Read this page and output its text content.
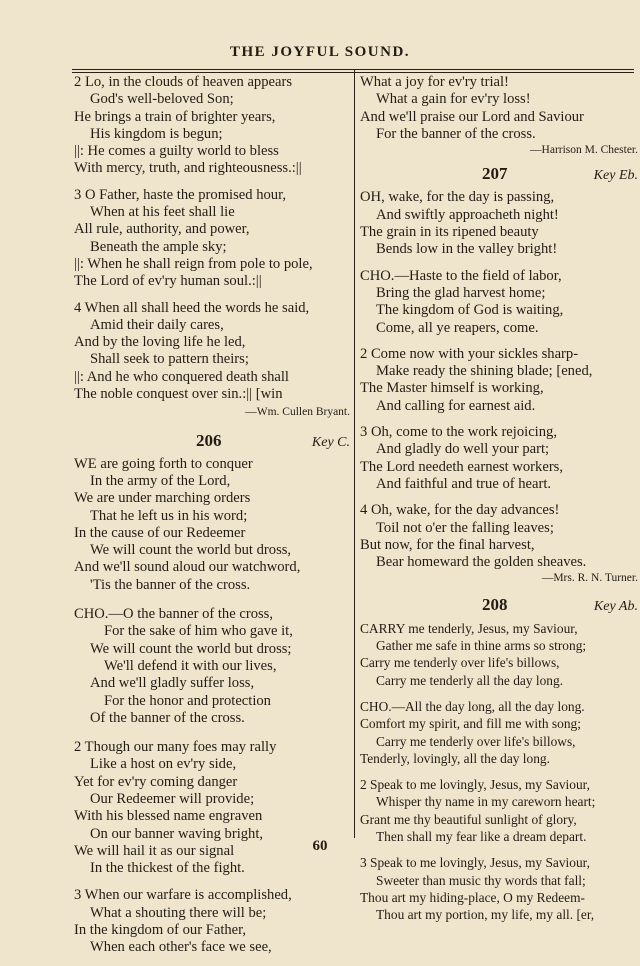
THE JOYFUL SOUND.
2 Lo, in the clouds of heaven appears
God's well-beloved Son;
He brings a train of brighter years,
His kingdom is begun;
||: He comes a guilty world to bless
With mercy, truth, and righteousness.:||
3 O Father, haste the promised hour,
When at his feet shall lie
All rule, authority, and power,
Beneath the ample sky;
||: When he shall reign from pole to pole,
The Lord of ev'ry human soul.:||
4 When all shall heed the words he said,
Amid their daily cares,
And by the loving life he led,
Shall seek to pattern theirs;
||: And he who conquered death shall
The noble conquest over sin.:|| [win
—Wm. Cullen Bryant.
206	Key C.
WE are going forth to conquer
In the army of the Lord,
We are under marching orders
That he left us in his word;
In the cause of our Redeemer
We will count the world but dross,
And we'll sound aloud our watchword,
'Tis the banner of the cross.
CHO.—O the banner of the cross,
For the sake of him who gave it,
We will count the world but dross;
We'll defend it with our lives,
And we'll gladly suffer loss,
For the honor and protection
Of the banner of the cross.
2 Though our many foes may rally
Like a host on ev'ry side,
Yet for ev'ry coming danger
Our Redeemer will provide;
With his blessed name engraven
On our banner waving bright,
We will hail it as our signal
In the thickest of the fight.
3 When our warfare is accomplished,
What a shouting there will be;
In the kingdom of our Father,
When each other's face we see,
What a joy for ev'ry trial!
What a gain for ev'ry loss!
And we'll praise our Lord and Saviour
For the banner of the cross.
—Harrison M. Chester.
207	Key Eb.
OH, wake, for the day is passing,
And swiftly approacheth night!
The grain in its ripened beauty
Bends low in the valley bright!
CHO.—Haste to the field of labor,
Bring the glad harvest home;
The kingdom of God is waiting,
Come, all ye reapers, come.
2 Come now with your sickles sharp-
Make ready the shining blade; [ened,
The Master himself is working,
And calling for earnest aid.
3 Oh, come to the work rejoicing,
And gladly do well your part;
The Lord needeth earnest workers,
And faithful and true of heart.
4 Oh, wake, for the day advances!
Toil not o'er the falling leaves;
But now, for the final harvest,
Bear homeward the golden sheaves.
—Mrs. R. N. Turner.
208	Key Ab.
CARRY me tenderly, Jesus, my Saviour,
Gather me safe in thine arms so strong;
Carry me tenderly over life's billows,
Carry me tenderly all the day long.
CHO.—All the day long, all the day long.
Comfort my spirit, and fill me with song;
Carry me tenderly over life's billows,
Tenderly, lovingly, all the day long.
2 Speak to me lovingly, Jesus, my Saviour,
Whisper thy name in my careworn heart;
Grant me thy beautiful sunlight of glory,
Then shall my fear like a dream depart.
3 Speak to me lovingly, Jesus, my Saviour,
Sweeter than music thy words that fall;
Thou art my hiding-place, O my Redeem-
Thou art my portion, my life, my all. [er,
60
